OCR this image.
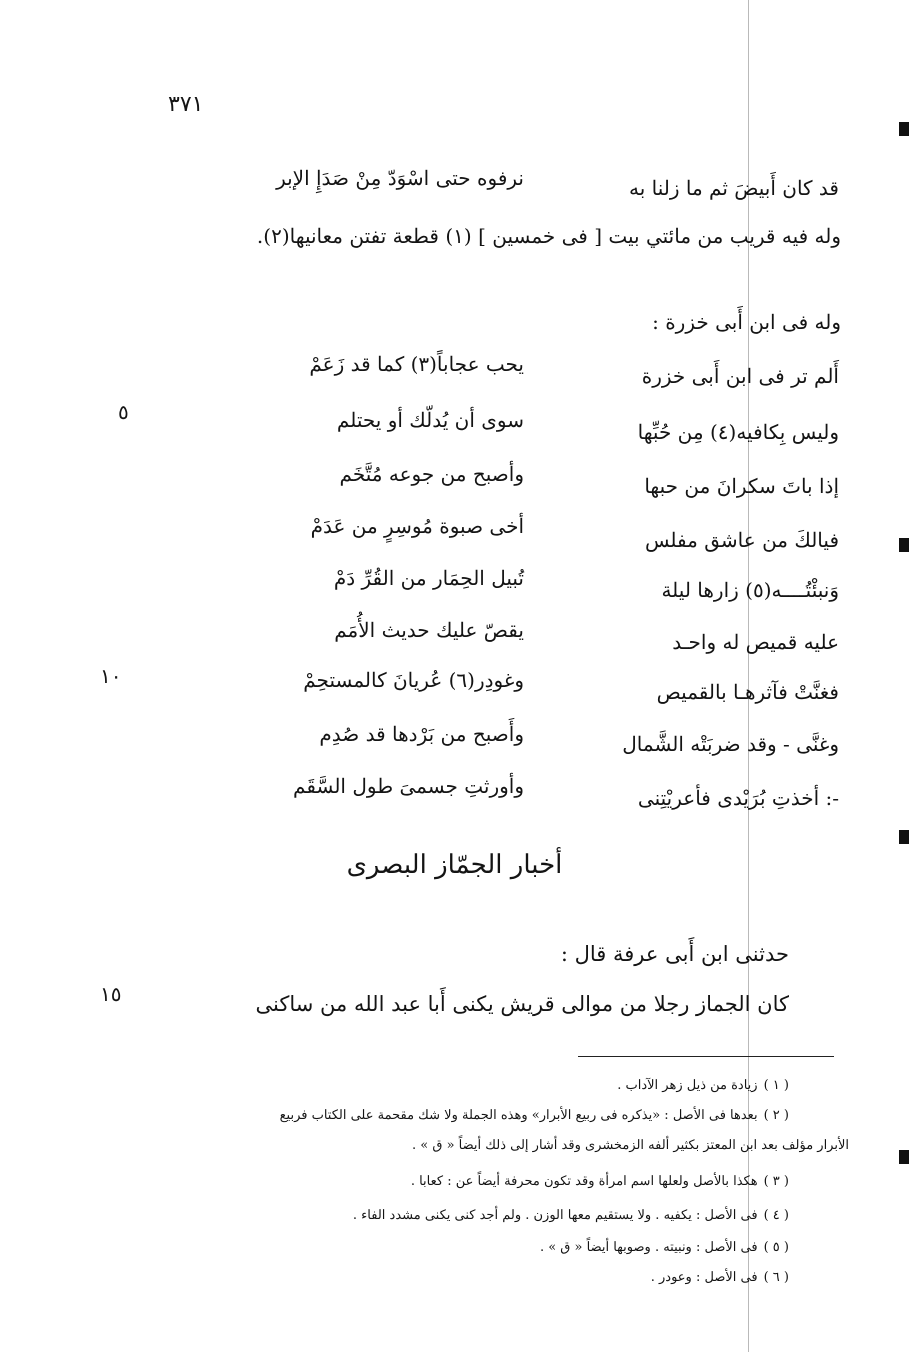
٣٧١
قد كان أَبيضَ ثم ما زلنا به
نرفوه حتى اسْوَدّ مِنْ صَدَإِ الإبر
وله فيه قريب من مائتي بيت [ فى خمسين ] (١) قطعة تفتن معانيها(٢).
وله فى ابن أَبى خزرة :
أَلم تر فى ابن أَبى خزرة
يحب عجاباً(٣) كما قد زَعَمْ
وليس بِكافيه(٤) مِن حُبِّها
سوى أن يُدلّك أو يحتلم
إذا باتَ سكرانَ من حبها
وأصبح من جوعه مُتَّخَم
فيالكَ من عاشق مفلس
أخى صبوة مُوسِرٍ من عَدَمْ
وَنبئْتُــــه(٥) زارها ليلة
تُبيل الحِمَار من القُرِّ دَمْ
عليه قميص له واحـد
يقصّ عليك حديث الأُمَم
فغنَّتْ فآثرهـا بالقميص
وغودِر(٦) عُريانَ كالمستحِمْ
وغنَّى - وقد ضربَتْه الشَّمال
وأَصبح من بَرْدها قد صُدِم
-: أخذتِ بُرَيْدى فأعريْتِنى
وأورثتِ جسمىَ طول السَّقَم
٥
١٠
أخبار الجمّاز البصرى
حدثنى ابن أَبى عرفة قال :
كان الجماز رجلا من موالى قريش يكنى أَبا عبد الله من ساكنى
١٥
( ١ )زيادة من ذيل زهر الآداب .
( ٢ )بعدها فى الأصل : «يذكره فى ربيع الأبرار» وهذه الجملة ولا شك مقحمة على الكتاب فربيع
الأبرار مؤلف بعد ابن المعتز بكثير ألفه الزمخشرى وقد أشار إلى ذلك أيضاً « ق » .
( ٣ )هكذا بالأصل ولعلها اسم امرأة وقد تكون محرفة أيضاً عن : كعابا .
( ٤ )فى الأصل : يكفيه . ولا يستقيم معها الوزن . ولم أجد كنى يكنى مشدد الفاء .
( ٥ )فى الأصل : ونبيته . وصوبها أيضاً « ق » .
( ٦ )فى الأصل : وعودر .
